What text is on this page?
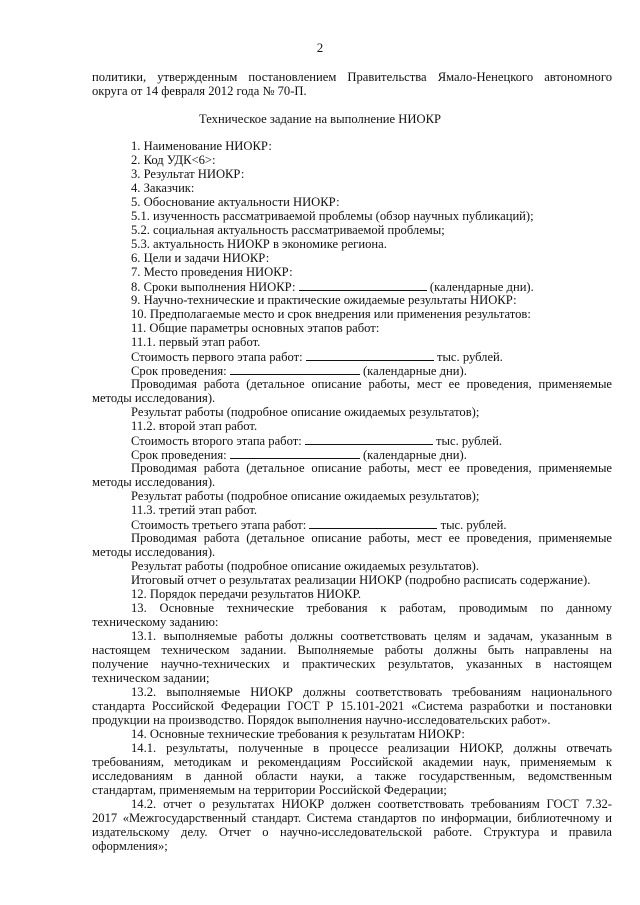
2
политики, утвержденным постановлением Правительства Ямало-Ненецкого автономного
округа от 14 февраля 2012 года № 70-П.
Техническое задание на выполнение НИОКР
1. Наименование НИОКР:
2. Код УДК<6>:
3. Результат НИОКР:
4. Заказчик:
5. Обоснование актуальности НИОКР:
5.1. изученность рассматриваемой проблемы (обзор научных публикаций);
5.2. социальная актуальность рассматриваемой проблемы;
5.3. актуальность НИОКР в экономике региона.
6. Цели и задачи НИОКР:
7. Место проведения НИОКР:
8. Сроки выполнения НИОКР:	(календарные дни).
9. Научно-технические и практические ожидаемые результаты НИОКР:
10. Предполагаемые место и срок внедрения или применения результатов:
11. Общие параметры основных этапов работ:
11.1. первый этап работ.
Стоимость первого этапа работ:	тыс. рублей.
Срок проведения:	(календарные дни).
Проводимая работа (детальное описание работы, мест ее проведения, применяемые
методы исследования).
Результат работы (подробное описание ожидаемых результатов);
11.2. второй этап работ.
Стоимость второго этапа работ:	тыс. рублей.
Срок проведения:	(календарные дни).
Проводимая работа (детальное описание работы, мест ее проведения, применяемые
методы исследования).
Результат работы (подробное описание ожидаемых результатов);
11.3. третий этап работ.
Стоимость третьего этапа работ:	тыс. рублей.
Проводимая работа (детальное описание работы, мест ее проведения, применяемые
методы исследования).
Результат работы (подробное описание ожидаемых результатов).
Итоговый отчет о результатах реализации НИОКР (подробно расписать содержание).
12. Порядок передачи результатов НИОКР.
13. Основные технические требования к работам, проводимым по данному
техническому заданию:
13.1. выполняемые работы должны соответствовать целям и задачам, указанным в
настоящем техническом задании. Выполняемые работы должны быть направлены на
получение научно-технических и практических результатов, указанных в настоящем
техническом задании;
13.2. выполняемые НИОКР должны соответствовать требованиям национального
стандарта Российской Федерации ГОСТ Р 15.101-2021 «Система разработки и постановки
продукции на производство. Порядок выполнения научно-исследовательских работ».
14. Основные технические требования к результатам НИОКР:
14.1. результаты, полученные в процессе реализации НИОКР, должны отвечать
требованиям, методикам и рекомендациям Российской академии наук, применяемым к
исследованиям в данной области науки, а также государственным, ведомственным
стандартам, применяемым на территории Российской Федерации;
14.2. отчет о результатах НИОКР должен соответствовать требованиям ГОСТ 7.32-
2017 «Межгосударственный стандарт. Система стандартов по информации, библиотечному и
издательскому делу. Отчет о научно-исследовательской работе. Структура и правила
оформления»;
